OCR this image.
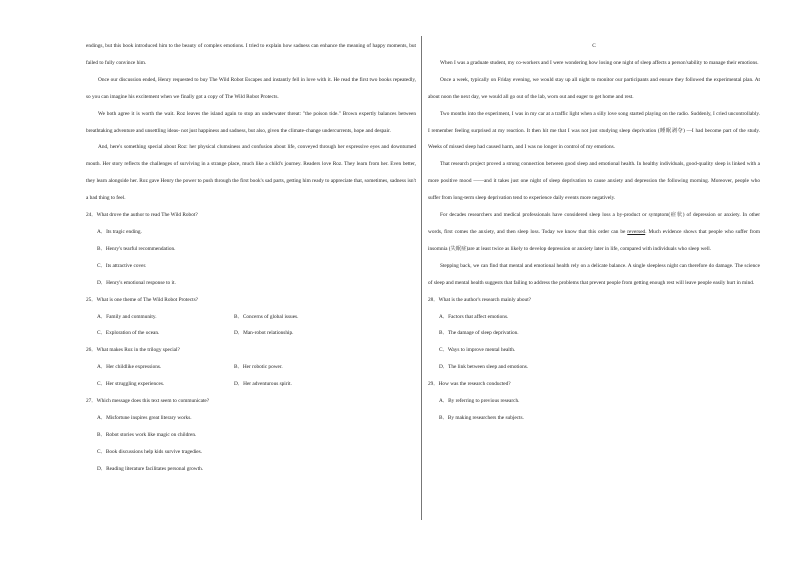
endings, but this book introduced him to the beauty of complex emotions. I tried to explain how sadness can enhance the meaning of happy moments, but failed to fully convince him.

Once our discussion ended, Henry requested to buy The Wild Robot Escapes and instantly fell in love with it. He read the first two books repeatedly, so you can imagine his excitement when we finally got a copy of The Wild Robot Protects.

We both agree it is worth the wait. Roz leaves the island again to stop an underwater threat: "the poison tide." Brown expertly balances between breathtaking adventure and unsettling ideas- not just happiness and sadness, but also, given the climate-change undercurrents, hope and despair.

And, here's something special about Roz: her physical clumsiness and confusion about life, conveyed through her expressive eyes and downturned mouth. Her story reflects the challenges of surviving in a strange place, much like a child's journey. Readers love Roz. They learn from her. Even better, they learn alongside her. Roz gave Henry the power to push through the first book's sad parts, getting him ready to appreciate that, sometimes, sadness isn't a bad thing to feel.

24．What drove the author to read The Wild Robot?

A．Its tragic ending.

B．Henry's tearful recommendation.

C．Its attractive cover.

D．Henry's emotional response to it.

25．What is one theme of The Wild Robot Protects?

A．Family and community.	B．Concerns of global issues.
C．Exploration of the ocean.	D．Man-robot relationship.

26．What makes Roz in the trilogy special?

A．Her childlike expressions.	B．Her robotic power.
C．Her struggling experiences.	D．Her adventurous spirit.

27．Which message does this text seem to communicate?

A．Misfortune inspires great literary works.

B．Robot stories work like magic on children.

C．Book discussions help kids survive tragedies.

D．Reading literature facilitates personal growth.

C

When I was a graduate student, my co-workers and I were wondering how losing one night of sleep affects a person'sability to manage their emotions.

Once a week, typically on Friday evening, we would stay up all night to monitor our participants and ensure they followed the experimental plan. At about noon the next day, we would all go out of the lab, worn out and eager to get home and rest.

Two months into the experiment, I was in my car at a traffic light when a silly love song started playing on the radio. Suddenly, I cried uncontrollably. I remember feeling surprised at my reaction. It then hit me that I was not just studying sleep deprivation (睡眠剥夺) —I had become part of the study. Weeks of missed sleep had caused harm, and I was no longer in control of my emotions.

That research project proved a strong connection between good sleep and emotional health. In healthy individuals, good-quality sleep is linked with a more positive mood ——and it takes just one night of sleep deprivation to cause anxiety and depression the following morning. Moreover, people who suffer from long-term sleep deprivation tend to experience daily events more negatively.

For decades researchers and medical professionals have considered sleep loss a by-product or symptom(症状) of depression or anxiety. In other words, first comes the anxiety, and then sleep loss. Today we know that this order can be reversed. Much evidence shows that people who suffer from insomnia (失眠症)are at least twice as likely to develop depression or anxiety later in life, compared with individuals who sleep well.

Stepping back, we can find that mental and emotional health rely on a delicate balance. A single sleepless night can therefore do damage. The science of sleep and mental health suggests that failing to address the problems that prevent people from getting enough rest will leave people easily hurt in mind.

28．What is the author's research mainly about?

A．Factors that affect emotions.

B．The damage of sleep deprivation.

C．Ways to improve mental health.

D．The link between sleep and emotions.

29．How was the research conducted?

A．By referring to previous research.

B．By making researchers the subjects.
